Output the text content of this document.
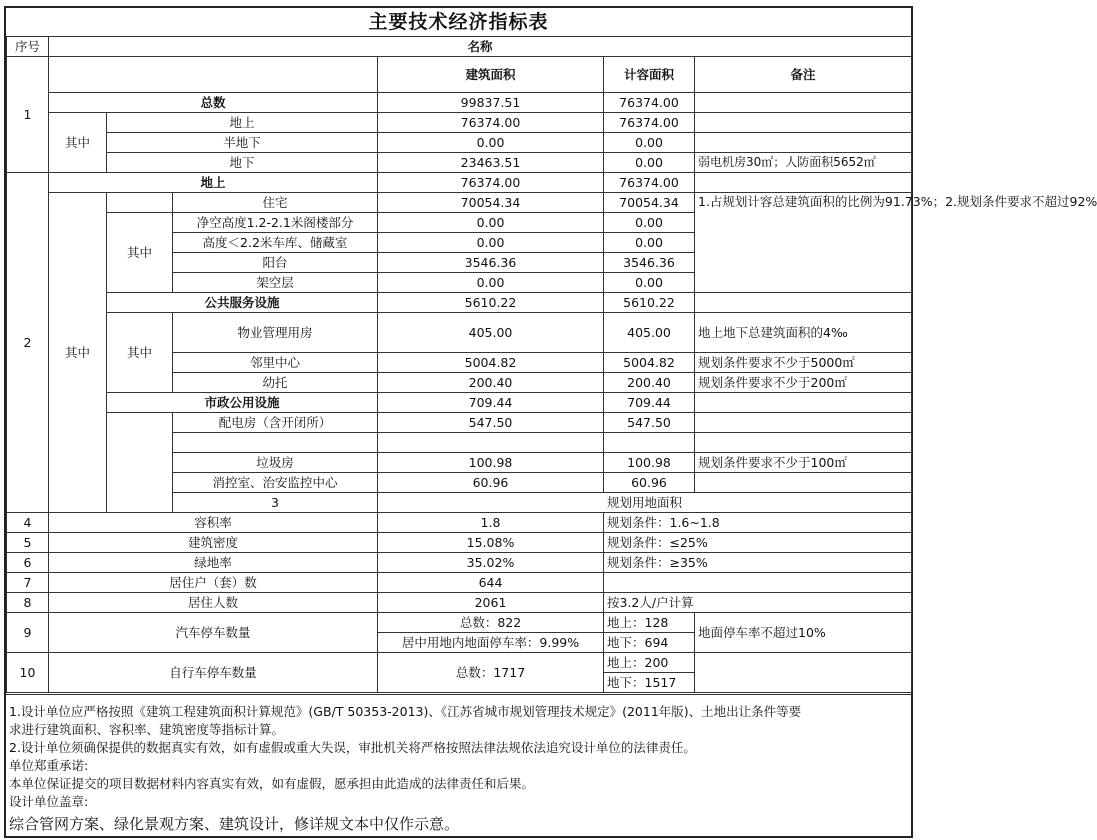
主要技术经济指标表
序号	名称						
1				建筑面积	计容面积	备注	
	总数			99837.51	76374.00		
	其中	地上		76374.00	76374.00		
		半地下		0.00	0.00		
		地下		23463.51	0.00	弱电机房30㎡；人防面积5652㎡	
2	地上			76374.00	76374.00		
	其中		住宅	70054.34	70054.34	1.占规划计容总建筑面积的比例为91.73%；2.规划条件要求不超过92%	
		其中	净空高度1.2-2.1米阁楼部分	0.00	0.00		
			高度＜2.2米车库、储藏室	0.00	0.00		
			阳台	3546.36	3546.36		
			架空层	0.00	0.00		
		公共服务设施		5610.22	5610.22		
		其中	物业管理用房	405.00	405.00	地上地下总建筑面积的4‰	
			邻里中心	5004.82	5004.82	规划条件要求不少于5000㎡	
			幼托	200.40	200.40	规划条件要求不少于200㎡	
		市政公用设施		709.44	709.44		
			配电房（含开闭所）	547.50	547.50		

			垃圾房	100.98	100.98	规划条件要求不少于100㎡	
			消控室、治安监控中心	60.96	60.96		
			3	规划用地面积		
4	容积率			1.8	规划条件：1.6~1.8		
5	建筑密度			15.08%	规划条件：≤25%		
6	绿地率			35.02%	规划条件：≥35%		
7	居住户（套）数			644			
8	居住人数			2061	按3.2人/户计算		
9	汽车停车数量			总数：822	地上：128	地面停车率不超过10%	
				居中用地内地面停车率：9.99%	地下：694		
10	自行车停车数量			总数：1717	地上：200		
					地下：1517		
1.设计单位应严格按照《建筑工程建筑面积计算规范》(GB/T 50353-2013)、《江苏省城市规划管理技术规定》(2011年版)、土地出让条件等要
求进行建筑面积、容积率、建筑密度等指标计算。
2.设计单位须确保提供的数据真实有效，如有虚假或重大失误，审批机关将严格按照法律法规依法追究设计单位的法律责任。
单位郑重承诺:
本单位保证提交的项目数据材料内容真实有效，如有虚假，愿承担由此造成的法律责任和后果。
设计单位盖章:
综合管网方案、绿化景观方案、建筑设计，修详规文本中仅作示意。
